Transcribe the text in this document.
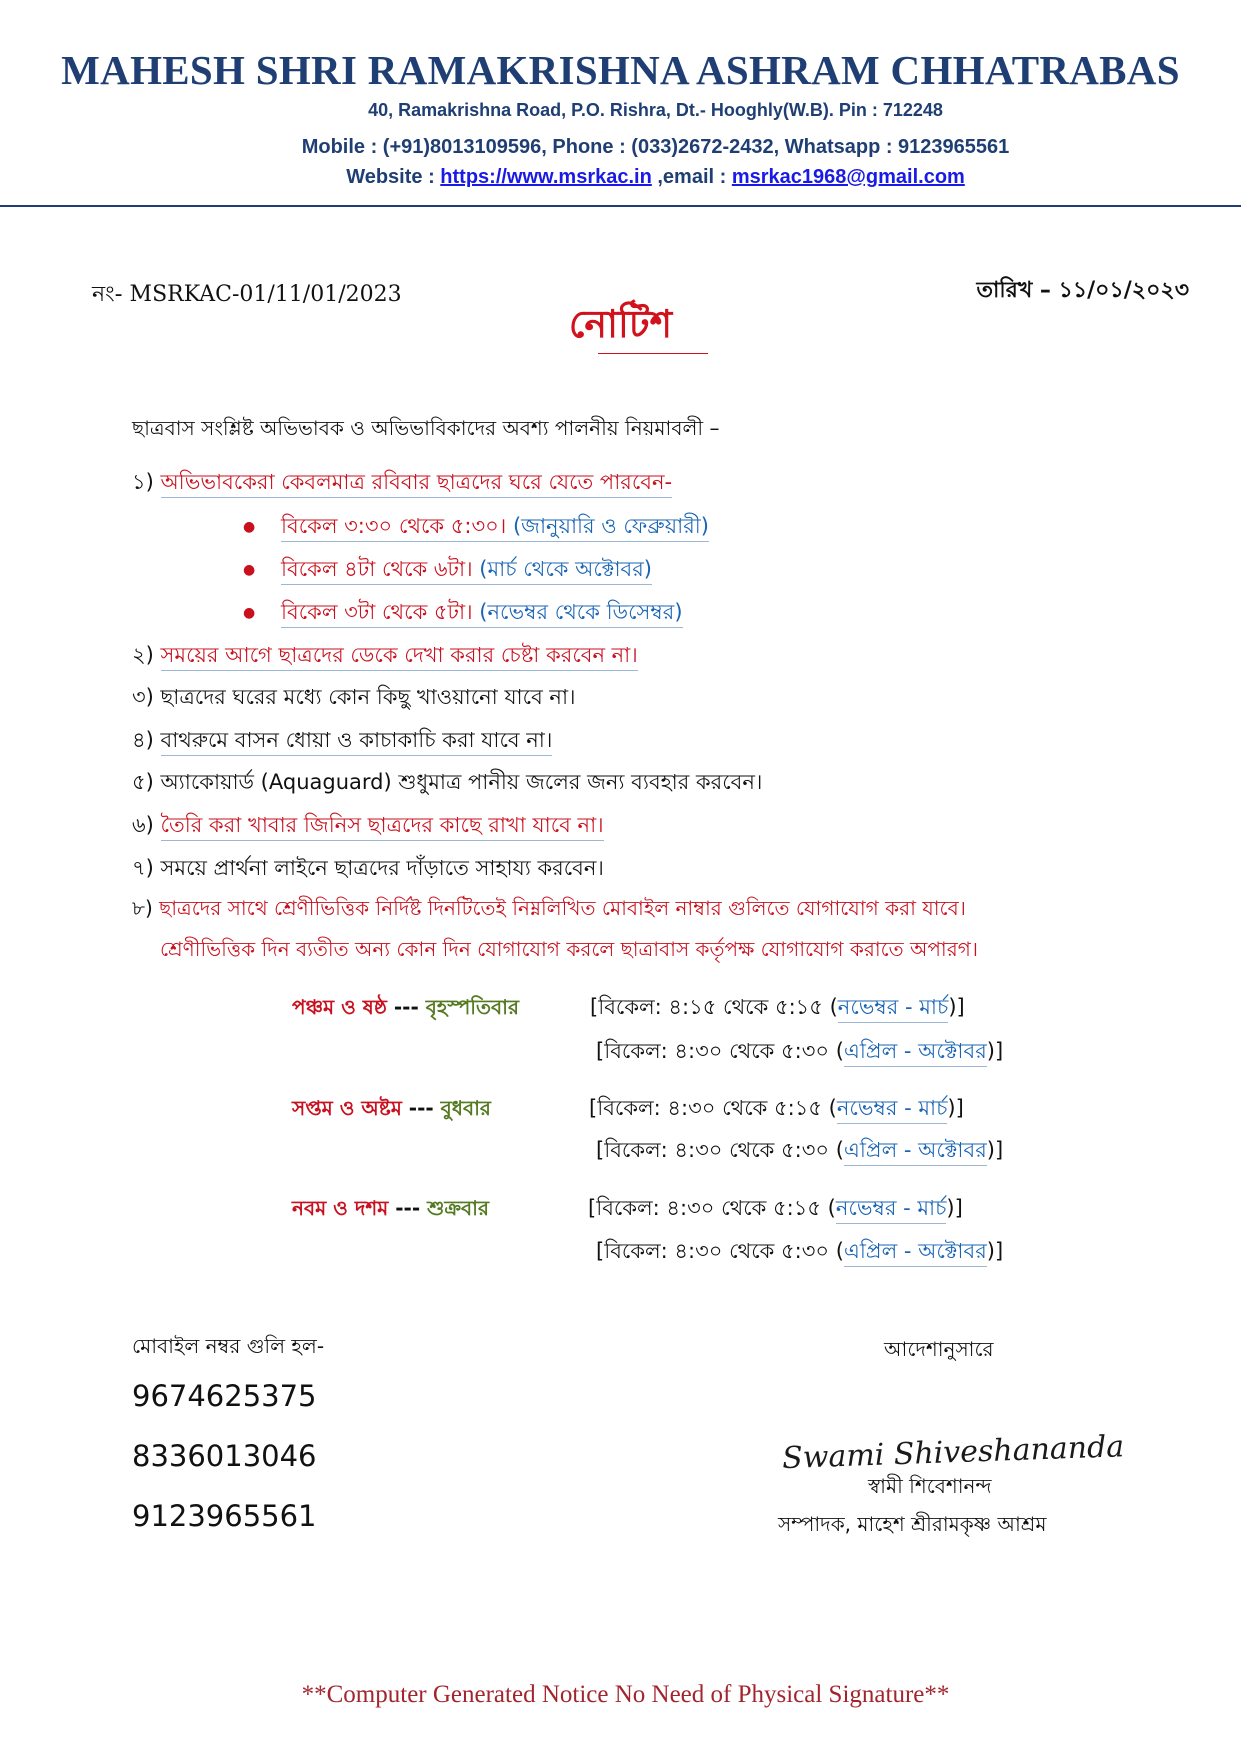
MAHESH SHRI RAMAKRISHNA ASHRAM CHHATRABAS
40, Ramakrishna Road, P.O. Rishra, Dt.- Hooghly(W.B). Pin : 712248
Mobile : (+91)8013109596, Phone : (033)2672-2432, Whatsapp : 9123965561
Website : https://www.msrkac.in ,email : msrkac1968@gmail.com
নং- MSRKAC-01/11/01/2023	তারিখ – ১১/০১/২০২৩
নোটিশ
ছাত্রবাস সংশ্লিষ্ট অভিভাবক ও অভিভাবিকাদের অবশ্য পালনীয় নিয়মাবলী –
১) অভিভাবকেরা কেবলমাত্র রবিবার ছাত্রদের ঘরে যেতে পারবেন-
● বিকেল ৩:৩০ থেকে ৫:৩০। (জানুয়ারি ও ফেব্রুয়ারী)
● বিকেল ৪টা থেকে ৬টা। (মার্চ থেকে অক্টোবর)
● বিকেল ৩টা থেকে ৫টা। (নভেম্বর থেকে ডিসেম্বর)
২) সময়ের আগে ছাত্রদের ডেকে দেখা করার চেষ্টা করবেন না।
৩) ছাত্রদের ঘরের মধ্যে কোন কিছু খাওয়ানো যাবে না।
৪) বাথরুমে বাসন ধোয়া ও কাচাকাচি করা যাবে না।
৫) অ্যাকোয়ার্ড (Aquaguard) শুধুমাত্র পানীয় জলের জন্য ব্যবহার করবেন।
৬) তৈরি করা খাবার জিনিস ছাত্রদের কাছে রাখা যাবে না।
৭) সময়ে প্রার্থনা লাইনে ছাত্রদের দাঁড়াতে সাহায্য করবেন।
৮) ছাত্রদের সাথে শ্রেণীভিত্তিক নির্দিষ্ট দিনটিতেই নিম্নলিখিত মোবাইল নাম্বার গুলিতে যোগাযোগ করা যাবে।
শ্রেণীভিত্তিক দিন ব্যতীত অন্য কোন দিন যোগাযোগ করলে ছাত্রাবাস কর্তৃপক্ষ যোগাযোগ করাতে অপারগ।
পঞ্চম ও ষষ্ঠ --- বৃহস্পতিবার	[বিকেল: ৪:১৫ থেকে ৫:১৫ (নভেম্বর - মার্চ)]
[বিকেল: ৪:৩০ থেকে ৫:৩০ (এপ্রিল - অক্টোবর)]
সপ্তম ও অষ্টম --- বুধবার	[বিকেল: ৪:৩০ থেকে ৫:১৫ (নভেম্বর - মার্চ)]
[বিকেল: ৪:৩০ থেকে ৫:৩০ (এপ্রিল - অক্টোবর)]
নবম ও দশম --- শুক্রবার	[বিকেল: ৪:৩০ থেকে ৫:১৫ (নভেম্বর - মার্চ)]
[বিকেল: ৪:৩০ থেকে ৫:৩০ (এপ্রিল - অক্টোবর)]
মোবাইল নম্বর গুলি হল-
9674625375
8336013046
9123965561
আদেশানুসারে
Swami Shiveshananda
স্বামী শিবেশানন্দ
সম্পাদক, মাহেশ শ্রীরামকৃষ্ণ আশ্রম
**Computer Generated Notice No Need of Physical Signature**
